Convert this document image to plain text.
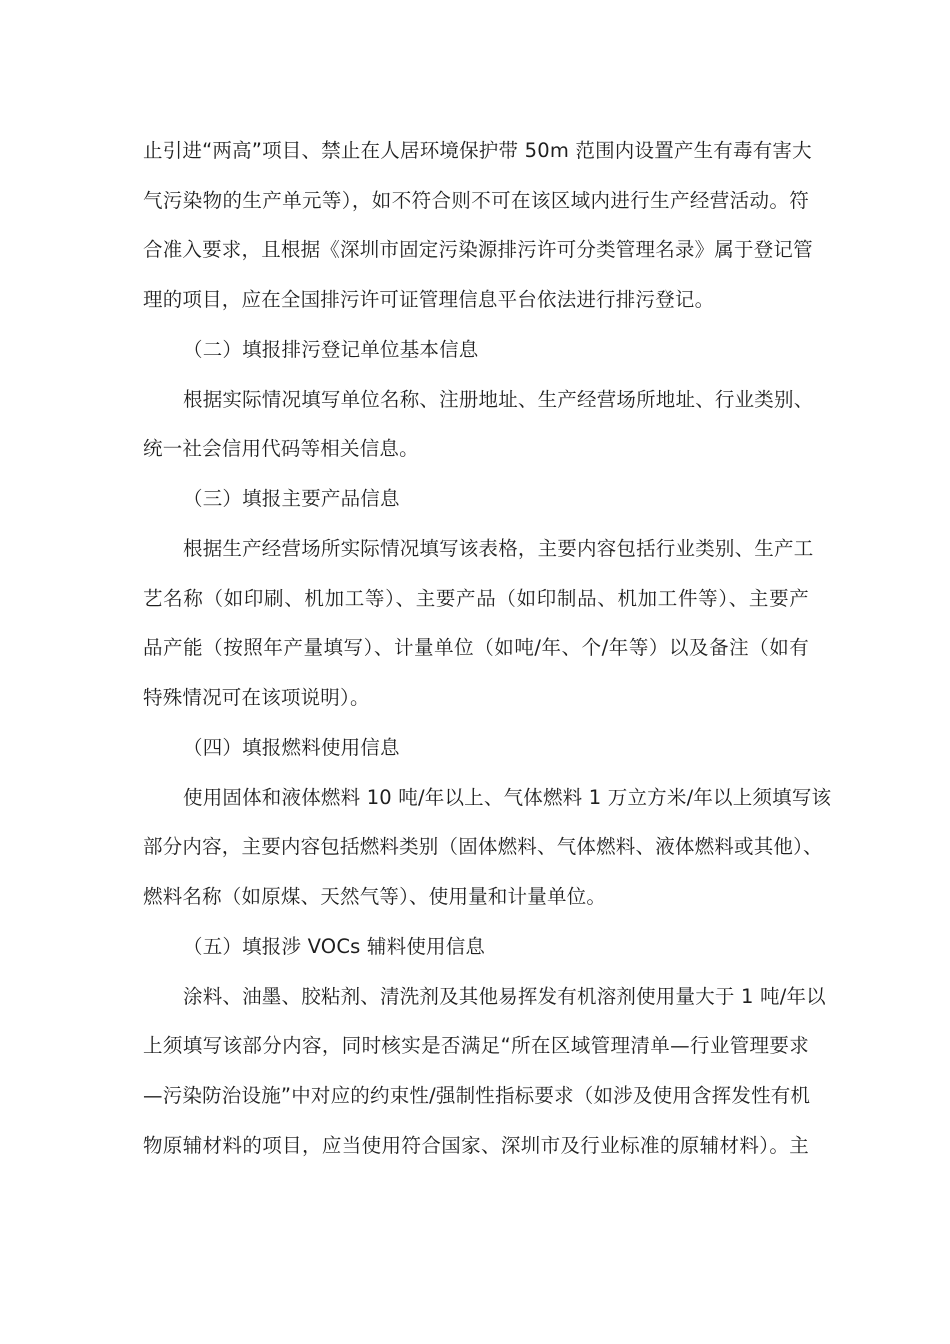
止引进“两高”项目、禁止在人居环境保护带 50m 范围内设置产生有毒有害大
气污染物的生产单元等），如不符合则不可在该区域内进行生产经营活动。符
合准入要求，且根据《深圳市固定污染源排污许可分类管理名录》属于登记管
理的项目，应在全国排污许可证管理信息平台依法进行排污登记。
（二）填报排污登记单位基本信息
根据实际情况填写单位名称、注册地址、生产经营场所地址、行业类别、
统一社会信用代码等相关信息。
（三）填报主要产品信息
根据生产经营场所实际情况填写该表格，主要内容包括行业类别、生产工
艺名称（如印刷、机加工等）、主要产品（如印制品、机加工件等）、主要产
品产能（按照年产量填写）、计量单位（如吨/年、个/年等）以及备注（如有
特殊情况可在该项说明）。
（四）填报燃料使用信息
使用固体和液体燃料 10 吨/年以上、气体燃料 1 万立方米/年以上须填写该
部分内容，主要内容包括燃料类别（固体燃料、气体燃料、液体燃料或其他）、
燃料名称（如原煤、天然气等）、使用量和计量单位。
（五）填报涉 VOCs 辅料使用信息
涂料、油墨、胶粘剂、清洗剂及其他易挥发有机溶剂使用量大于 1 吨/年以
上须填写该部分内容，同时核实是否满足“所在区域管理清单—行业管理要求
—污染防治设施”中对应的约束性/强制性指标要求（如涉及使用含挥发性有机
物原辅材料的项目，应当使用符合国家、深圳市及行业标准的原辅材料）。主
